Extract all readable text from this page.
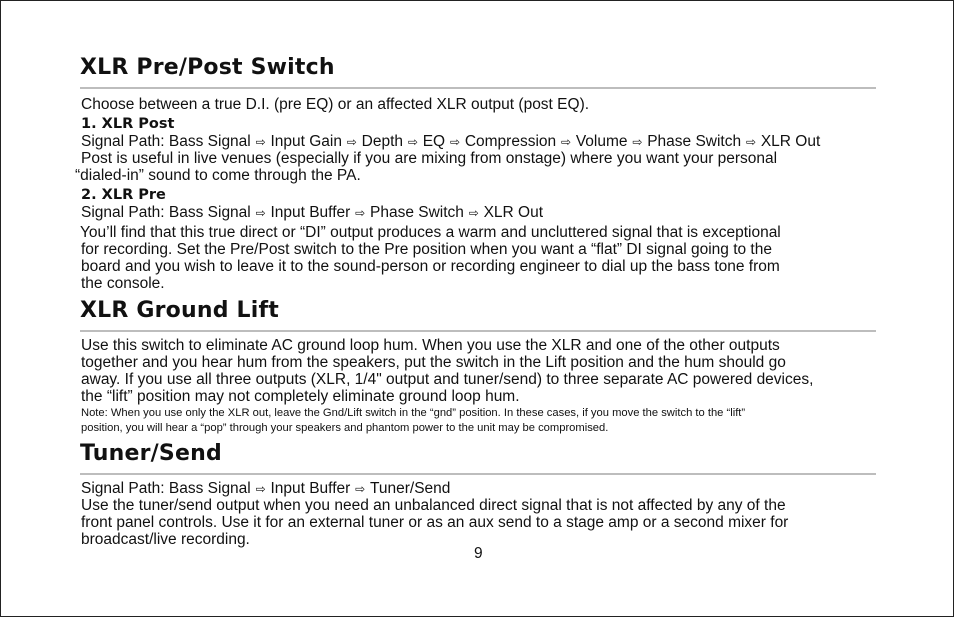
XLR Pre/Post Switch
Choose between a true D.I. (pre EQ) or an affected XLR output (post EQ).
1. XLR Post
Signal Path: Bass Signal ⇨ Input Gain ⇨ Depth ⇨ EQ ⇨ Compression ⇨ Volume ⇨ Phase Switch ⇨ XLR Out
Post is useful in live venues (especially if you are mixing from onstage) where you want your personal
“dialed-in” sound to come through the PA.
2. XLR Pre
Signal Path: Bass Signal ⇨ Input Buffer ⇨ Phase Switch ⇨ XLR Out
You’ll find that this true direct or “DI” output produces a warm and uncluttered signal that is exceptional
for recording. Set the Pre/Post switch to the Pre position when you want a “flat” DI signal going to the
board and you wish to leave it to the sound-person or recording engineer to dial up the bass tone from
the console.
XLR Ground Lift
Use this switch to eliminate AC ground loop hum. When you use the XLR and one of the other outputs
together and you hear hum from the speakers, put the switch in the Lift position and the hum should go
away. If you use all three outputs (XLR, 1/4" output and tuner/send) to three separate AC powered devices,
the “lift” position may not completely eliminate ground loop hum.
Note: When you use only the XLR out, leave the Gnd/Lift switch in the “gnd” position. In these cases, if you move the switch to the “lift”
position, you will hear a “pop” through your speakers and phantom power to the unit may be compromised.
Tuner/Send
Signal Path: Bass Signal ⇨ Input Buffer ⇨ Tuner/Send
Use the tuner/send output when you need an unbalanced direct signal that is not affected by any of the
front panel controls. Use it for an external tuner or as an aux send to a stage amp or a second mixer for
broadcast/live recording.
9
